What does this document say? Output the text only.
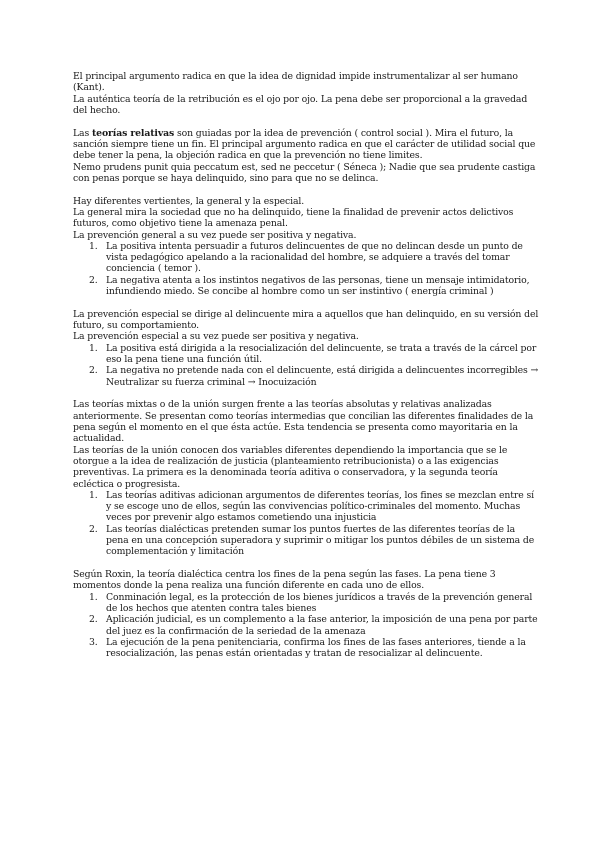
El principal argumento radica en que la idea de dignidad impide instrumentalizar al ser humano (Kant).

La auténtica teoría de la retribución es el ojo por ojo. La pena debe ser proporcional a la gravedad del hecho.

Las teorías relativas son guiadas por la idea de prevención ( control social ). Mira el futuro, la sanción siempre tiene un fin. El principal argumento radica en que el carácter de utilidad social que debe tener la pena, la objeción radica en que la prevención no tiene limites.

Nemo prudens punit quia peccatum est, sed ne peccetur ( Séneca ); Nadie que sea prudente castiga con penas porque se haya delinquido, sino para que no se delinca.

Hay diferentes vertientes, la general y la especial.

La general mira la sociedad que no ha delinquido, tiene la finalidad de prevenir actos delictivos futuros, como objetivo tiene la amenaza penal.

La prevención general a su vez puede ser positiva y negativa.

1. La positiva intenta persuadir a futuros delincuentes de que no delincan desde un punto de vista pedagógico apelando a la racionalidad del hombre, se adquiere a través del tomar conciencia ( temor ).
2. La negativa atenta a los instintos negativos de las personas, tiene un mensaje intimidatorio, infundiendo miedo. Se concibe al hombre como un ser instintivo ( energía criminal )

La prevención especial se dirige al delincuente mira a aquellos que han delinquido, en su versión del futuro, su comportamiento.

La prevención especial a su vez puede ser positiva y negativa.

1. La positiva está dirigida a la resocialización del delincuente, se trata a través de la cárcel por eso la pena tiene una función útil.
2. La negativa no pretende nada con el delincuente, está dirigida a delincuentes incorregibles → Neutralizar su fuerza criminal → Inocuización

Las teorías mixtas o de la unión surgen frente a las teorías absolutas y relativas analizadas anteriormente. Se presentan como teorías intermedias que concilian las diferentes finalidades de la pena según el momento en el que ésta actúe. Esta tendencia se presenta como mayoritaria en la actualidad.

Las teorías de la unión conocen dos variables diferentes dependiendo la importancia que se le otorgue a la idea de realización de justicia (planteamiento retribucionista) o a las exigencias preventivas. La primera es la denominada teoría aditiva o conservadora, y la segunda teoría ecléctica o progresista.

1. Las teorías aditivas adicionan argumentos de diferentes teorías, los fines se mezclan entre sí y se escoge uno de ellos, según las convivencias político-criminales del momento. Muchas veces por prevenir algo estamos cometiendo una injusticia
2. Las teorías dialécticas pretenden sumar los puntos fuertes de las diferentes teorías de la pena en una concepción superadora y suprimir o mitigar los puntos débiles de un sistema de complementación y limitación

Según Roxin, la teoría dialéctica centra los fines de la pena según las fases. La pena tiene 3 momentos donde la pena realiza una función diferente en cada uno de ellos.

1. Conminación legal, es la protección de los bienes jurídicos a través de la prevención general de los hechos que atenten contra tales bienes
2. Aplicación judicial, es un complemento a la fase anterior, la imposición de una pena por parte del juez es la confirmación de la seriedad de la amenaza
3. La ejecución de la pena penitenciaria, confirma los fines de las fases anteriores, tiende a la resocialización, las penas están orientadas y tratan de resocializar al delincuente.
